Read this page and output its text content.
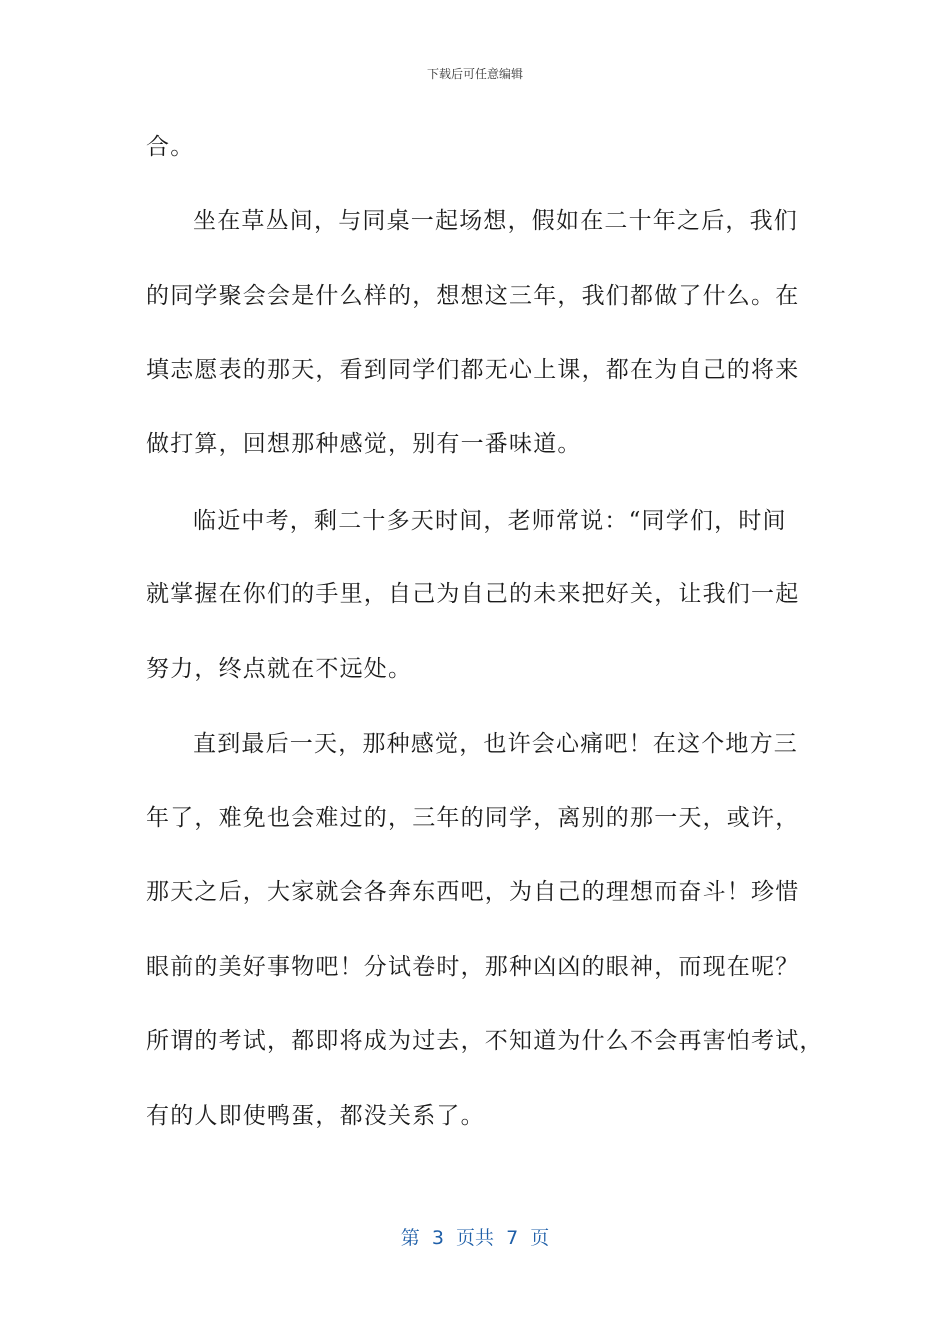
下载后可任意编辑
合。
坐在草丛间，与同桌一起场想，假如在二十年之后，我们
的同学聚会会是什么样的，想想这三年，我们都做了什么。在
填志愿表的那天，看到同学们都无心上课，都在为自己的将来
做打算，回想那种感觉，别有一番味道。
临近中考，剩二十多天时间，老师常说：“同学们，时间
就掌握在你们的手里，自己为自己的未来把好关，让我们一起
努力，终点就在不远处。
直到最后一天，那种感觉，也许会心痛吧！在这个地方三
年了，难免也会难过的，三年的同学，离别的那一天，或许，
那天之后，大家就会各奔东西吧，为自己的理想而奋斗！珍惜
眼前的美好事物吧！分试卷时，那种凶凶的眼神，而现在呢？
所谓的考试，都即将成为过去，不知道为什么不会再害怕考试，
有的人即使鸭蛋，都没关系了。
第  3  页共  7  页
